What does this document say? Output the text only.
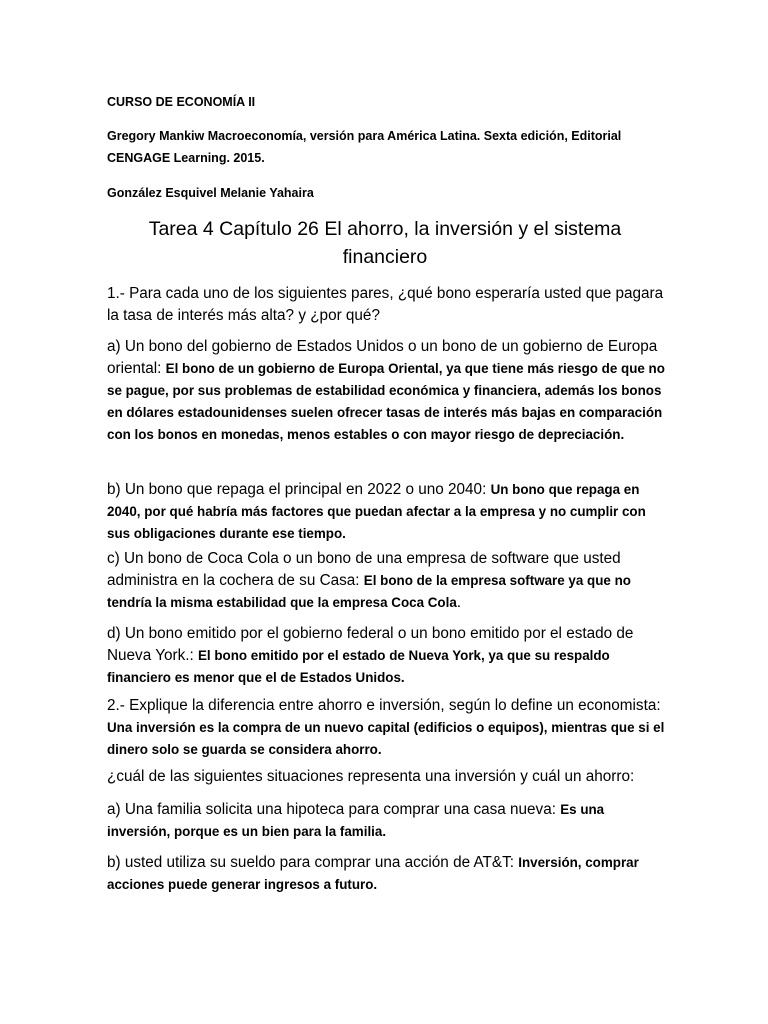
CURSO DE ECONOMÍA II

Gregory Mankiw Macroeconomía, versión para América Latina. Sexta edición, Editorial CENGAGE Learning. 2015.

González Esquivel Melanie Yahaira

Tarea 4 Capítulo 26 El ahorro, la inversión y el sistema financiero

1.- Para cada uno de los siguientes pares, ¿qué bono esperaría usted que pagara la tasa de interés más alta? y ¿por qué?

a) Un bono del gobierno de Estados Unidos o un bono de un gobierno de Europa oriental: El bono de un gobierno de Europa Oriental, ya que tiene más riesgo de que no se pague, por sus problemas de estabilidad económica y financiera, además los bonos en dólares estadounidenses suelen ofrecer tasas de interés más bajas en comparación con los bonos en monedas, menos estables o con mayor riesgo de depreciación.

b) Un bono que repaga el principal en 2022 o uno 2040: Un bono que repaga en 2040, por qué habría más factores que puedan afectar a la empresa y no cumplir con sus obligaciones durante ese tiempo.

c) Un bono de Coca Cola o un bono de una empresa de software que usted administra en la cochera de su Casa: El bono de la empresa software ya que no tendría la misma estabilidad que la empresa Coca Cola.

d) Un bono emitido por el gobierno federal o un bono emitido por el estado de Nueva York.: El bono emitido por el estado de Nueva York, ya que su respaldo financiero es menor que el de Estados Unidos.

2.- Explique la diferencia entre ahorro e inversión, según lo define un economista: Una inversión es la compra de un nuevo capital (edificios o equipos), mientras que si el dinero solo se guarda se considera ahorro.

¿cuál de las siguientes situaciones representa una inversión y cuál un ahorro:

a) Una familia solicita una hipoteca para comprar una casa nueva: Es una inversión, porque es un bien para la familia.

b) usted utiliza su sueldo para comprar una acción de AT&T: Inversión, comprar acciones puede generar ingresos a futuro.
